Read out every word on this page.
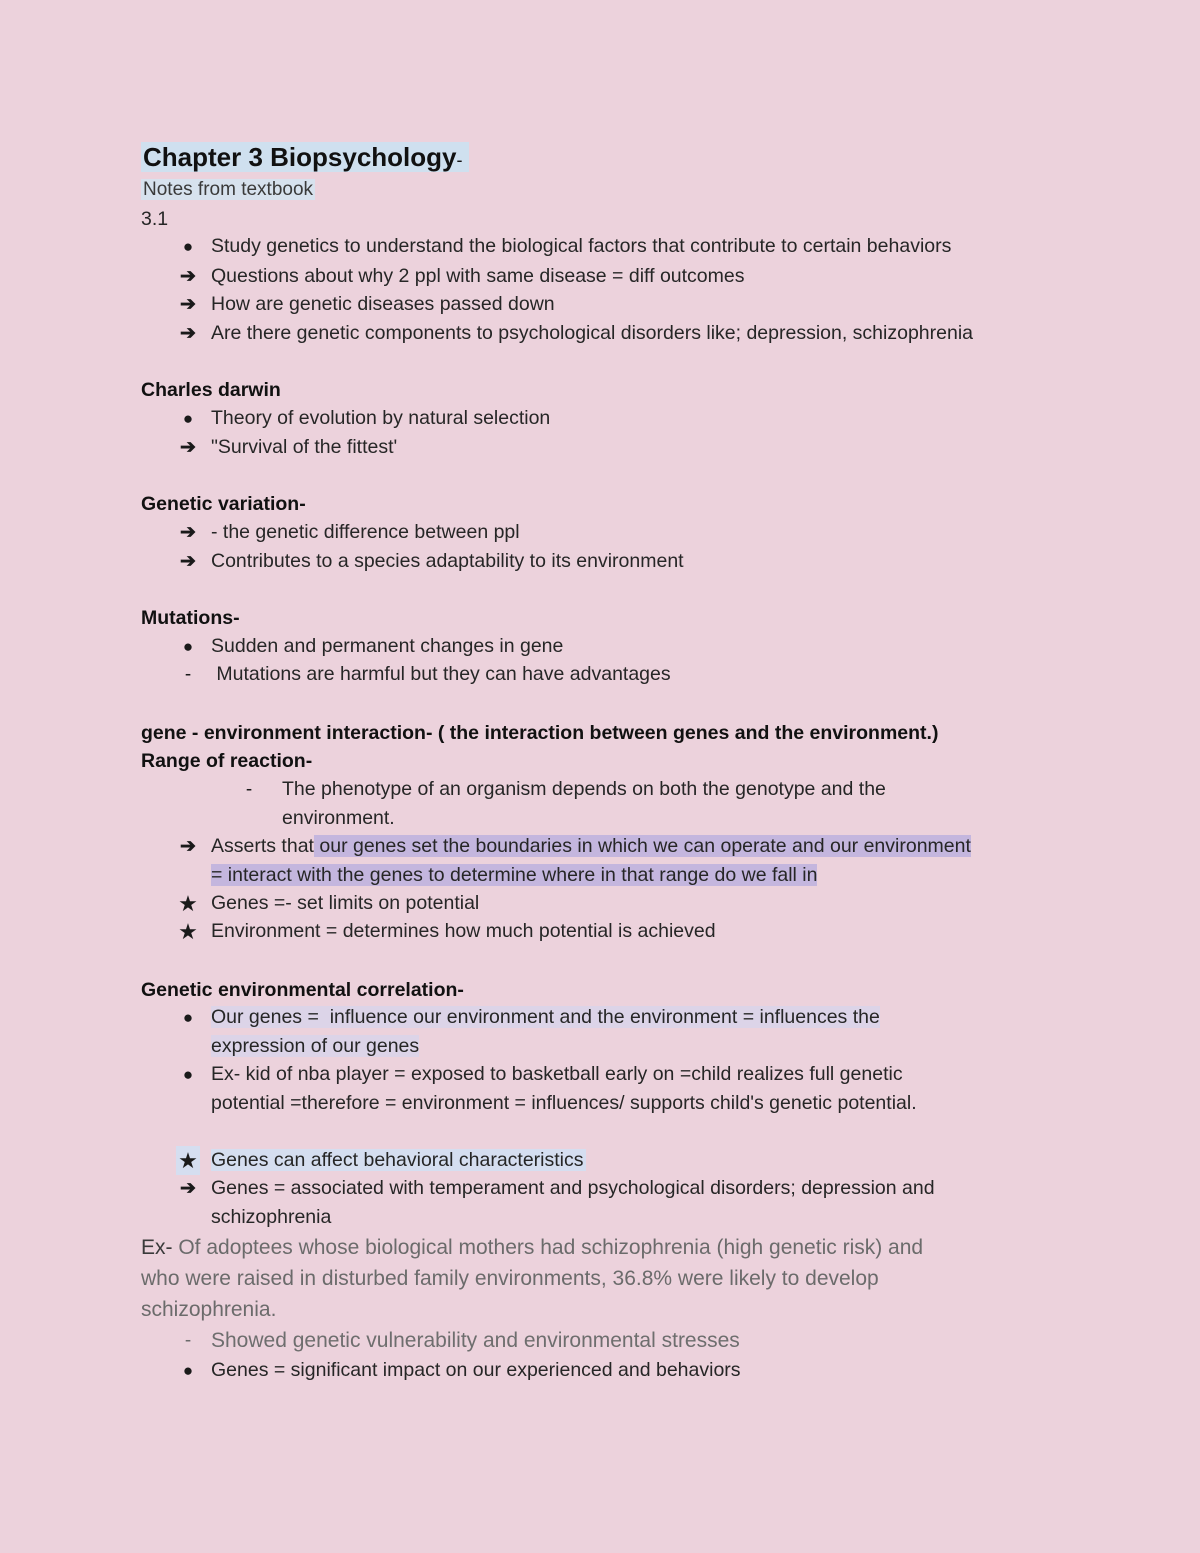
Chapter 3 Biopsychology-
Notes from textbook
3.1
● Study genetics to understand the biological factors that contribute to certain behaviors
➔ Questions about why 2 ppl with same disease = diff outcomes
➔ How are genetic diseases passed down
➔ Are there genetic components to psychological disorders like; depression, schizophrenia
Charles darwin
● Theory of evolution by natural selection
➔ "Survival of the fittest'
Genetic variation-
➔ - the genetic difference between ppl
➔ Contributes to a species adaptability to its environment
Mutations-
● Sudden and permanent changes in gene
-	Mutations are harmful but they can have advantages
gene - environment interaction- ( the interaction between genes and the environment.)
Range of reaction-
-	The phenotype of an organism depends on both the genotype and the
environment.
➔ Asserts that our genes set the boundaries in which we can operate and our environment
= interact with the genes to determine where in that range do we fall in
★ Genes =- set limits on potential
★ Environment = determines how much potential is achieved
Genetic environmental correlation-
● Our genes =  influence our environment and the environment = influences the
expression of our genes
● Ex- kid of nba player = exposed to basketball early on =child realizes full genetic
potential =therefore = environment = influences/ supports child's genetic potential.
★ Genes can affect behavioral characteristics
➔ Genes = associated with temperament and psychological disorders; depression and
schizophrenia
Ex- Of adoptees whose biological mothers had schizophrenia (high genetic risk) and
who were raised in disturbed family environments, 36.8% were likely to develop
schizophrenia.
- Showed genetic vulnerability and environmental stresses
● Genes = significant impact on our experienced and behaviors
